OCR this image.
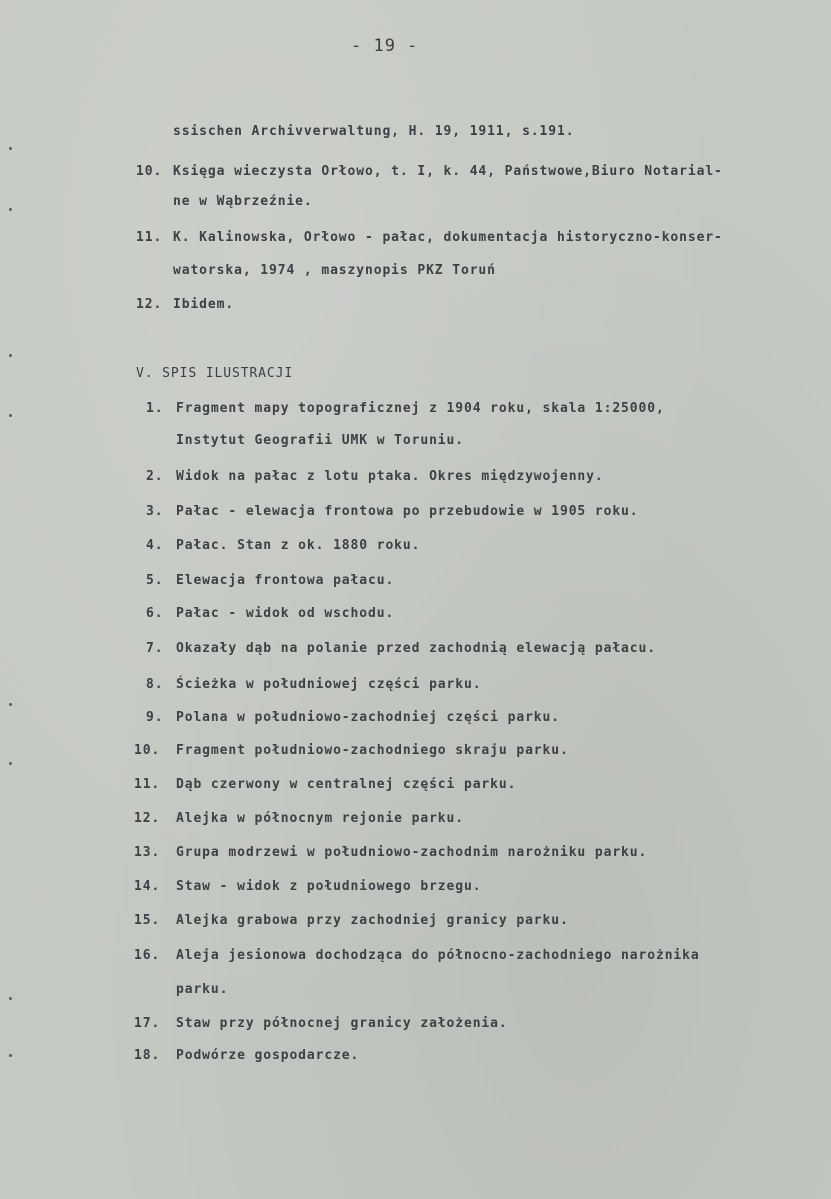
- 19 -
ssischen Archivverwaltung, H. 19, 1911, s.191.
10. Księga wieczysta Orłowo, t. I, k. 44, Państwowe,Biuro Notarial-
ne w Wąbrzeźnie.
11. K. Kalinowska, Orłowo - pałac, dokumentacja historyczno-konser-
watorska, 1974 , maszynopis PKZ Toruń
12. Ibidem.
V. SPIS ILUSTRACJI
1. Fragment mapy topograficznej z 1904 roku, skala 1:25000,
Instytut Geografii UMK w Toruniu.
2. Widok na pałac z lotu ptaka. Okres międzywojenny.
3. Pałac - elewacja frontowa po przebudowie w 1905 roku.
4. Pałac. Stan z ok. 1880 roku.
5. Elewacja frontowa pałacu.
6. Pałac - widok od wschodu.
7. Okazały dąb na polanie przed zachodnią elewacją pałacu.
8. Ścieżka w południowej części parku.
9. Polana w południowo-zachodniej części parku.
10. Fragment południowo-zachodniego skraju parku.
11. Dąb czerwony w centralnej części parku.
12. Alejka w północnym rejonie parku.
13. Grupa modrzewi w południowo-zachodnim narożniku parku.
14. Staw - widok z południowego brzegu.
15. Alejka grabowa przy zachodniej granicy parku.
16. Aleja jesionowa dochodząca do północno-zachodniego narożnika
parku.
17. Staw przy północnej granicy założenia.
18. Podwórze gospodarcze.
